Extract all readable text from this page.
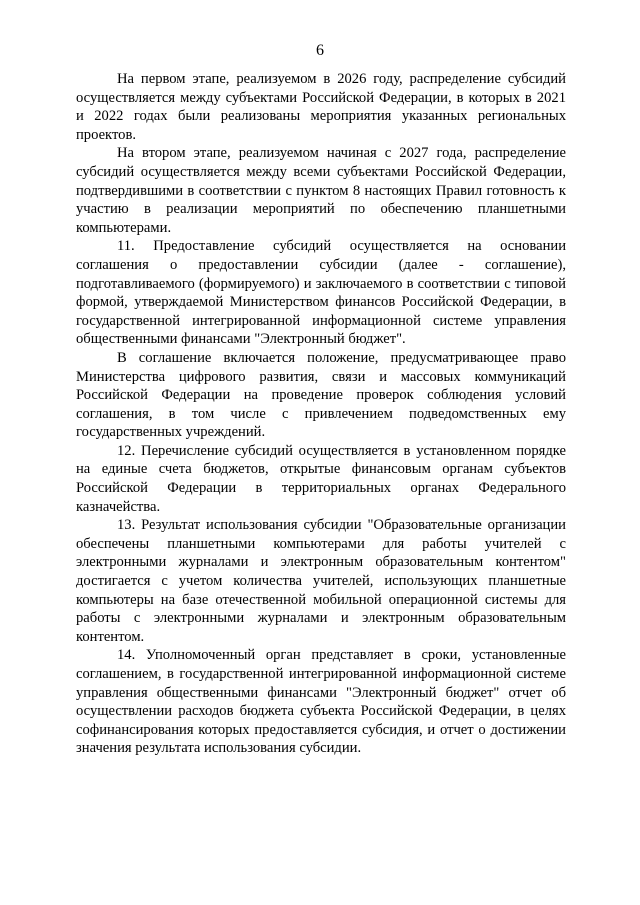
6

На первом этапе, реализуемом в 2026 году, распределение субсидий осуществляется между субъектами Российской Федерации, в которых в 2021 и 2022 годах были реализованы мероприятия указанных региональных проектов.

На втором этапе, реализуемом начиная с 2027 года, распределение субсидий осуществляется между всеми субъектами Российской Федерации, подтвердившими в соответствии с пунктом 8 настоящих Правил готовность к участию в реализации мероприятий по обеспечению планшетными компьютерами.

11. Предоставление субсидий осуществляется на основании соглашения о предоставлении субсидии (далее - соглашение), подготавливаемого (формируемого) и заключаемого в соответствии с типовой формой, утверждаемой Министерством финансов Российской Федерации, в государственной интегрированной информационной системе управления общественными финансами "Электронный бюджет".

В соглашение включается положение, предусматривающее право Министерства цифрового развития, связи и массовых коммуникаций Российской Федерации на проведение проверок соблюдения условий соглашения, в том числе с привлечением подведомственных ему государственных учреждений.

12. Перечисление субсидий осуществляется в установленном порядке на единые счета бюджетов, открытые финансовым органам субъектов Российской Федерации в территориальных органах Федерального казначейства.

13. Результат использования субсидии "Образовательные организации обеспечены планшетными компьютерами для работы учителей с электронными журналами и электронным образовательным контентом" достигается с учетом количества учителей, использующих планшетные компьютеры на базе отечественной мобильной операционной системы для работы с электронными журналами и электронным образовательным контентом.

14. Уполномоченный орган представляет в сроки, установленные соглашением, в государственной интегрированной информационной системе управления общественными финансами "Электронный бюджет" отчет об осуществлении расходов бюджета субъекта Российской Федерации, в целях софинансирования которых предоставляется субсидия, и отчет о достижении значения результата использования субсидии.
